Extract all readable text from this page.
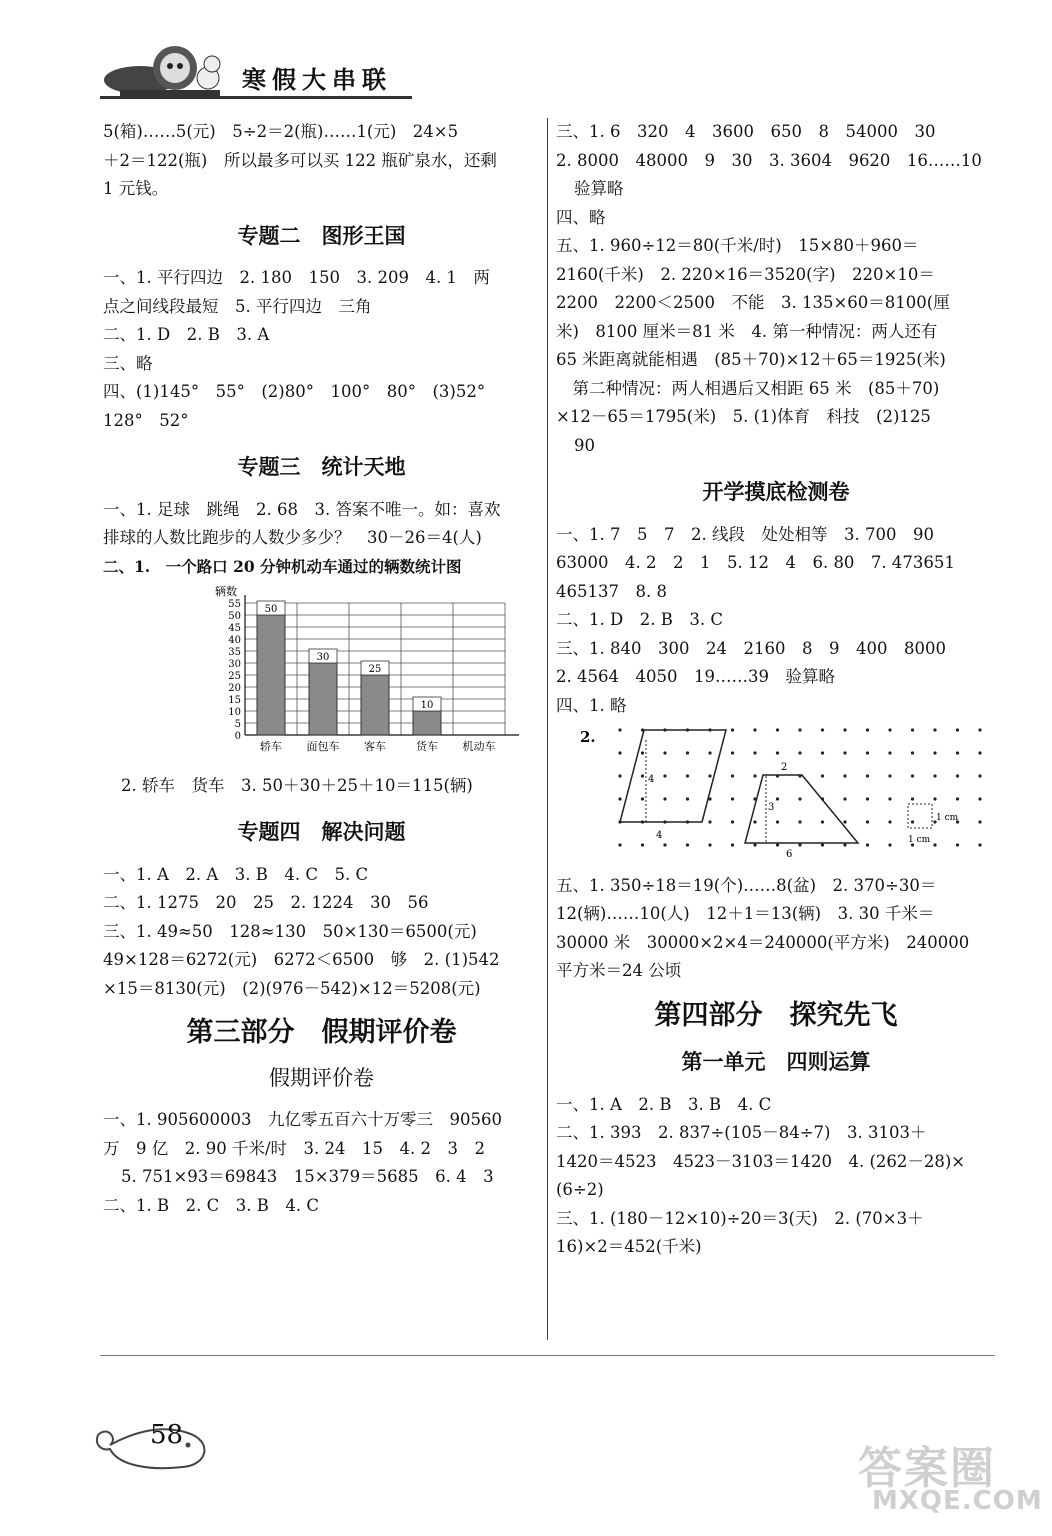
寒假大串联

5(箱)……5(元)　5÷2＝2(瓶)……1(元)　24×5

＋2＝122(瓶)　所以最多可以买 122 瓶矿泉水，还剩

1 元钱。

专题二　图形王国

一、1. 平行四边　2. 180　150　3. 209　4. 1　两

点之间线段最短　5. 平行四边　三角

二、1. D　2. B　3. A

三、略

四、(1)145°　55°　(2)80°　100°　80°　(3)52°

128°　52°

专题三　统计天地

一、1. 足球　跳绳　2. 68　3. 答案不唯一。如：喜欢

排球的人数比跑步的人数少多少？　30－26＝4(人)

二、1.　一个路口 20 分钟机动车通过的辆数统计图

0
5
10
15
20
25
30
35
40
45
50
55
辆数
50
轿车
30
面包车
25
客车
10
货车 机动车

2. 轿车　货车　3. 50＋30＋25＋10＝115(辆)

专题四　解决问题

一、1. A　2. A　3. B　4. C　5. C

二、1. 1275　20　25　2. 1224　30　56

三、1. 49≈50　128≈130　50×130＝6500(元)

49×128＝6272(元)　6272＜6500　够　2. (1)542

×15＝8130(元)　(2)(976－542)×12＝5208(元)

第三部分　假期评价卷
假期评价卷

一、1. 905600003　九亿零五百六十万零三　90560

万　9 亿　2. 90 千米/时　3. 24　15　4. 2　3　2

5. 751×93＝69843　15×379＝5685　6. 4　3

二、1. B　2. C　3. B　4. C

三、1. 6　320　4　3600　650　8　54000　30

2. 8000　48000　9　30　3. 3604　9620　16……10

验算略

四、略

五、1. 960÷12＝80(千米/时)　15×80＋960＝

2160(千米)　2. 220×16＝3520(字)　220×10＝

2200　2200＜2500　不能　3. 135×60＝8100(厘

米)　8100 厘米＝81 米　4. 第一种情况：两人还有

65 米距离就能相遇　(85＋70)×12＋65＝1925(米)

　第二种情况：两人相遇后又相距 65 米　(85＋70)

×12－65＝1795(米)　5. (1)体育　科技　(2)125

90

开学摸底检测卷

一、1. 7　5　7　2. 线段　处处相等　3. 700　90

63000　4. 2　2　1　5. 12　4　6. 80　7. 473651

465137　8. 8

二、1. D　2. B　3. C

三、1. 840　300　24　2160　8　9　400　8000

2. 4564　4050　19……39　验算略

四、1. 略

2.
4
4
2
3
6
1 cm
1 cm

五、1. 350÷18＝19(个)……8(盆)　2. 370÷30＝

12(辆)……10(人)　12＋1＝13(辆)　3. 30 千米＝

30000 米　30000×2×4＝240000(平方米)　240000

平方米＝24 公顷

第四部分　探究先飞
第一单元　四则运算

一、1. A　2. B　3. B　4. C

二、1. 393　2. 837÷(105－84÷7)　3. 3103＋

1420＝4523　4523－3103＝1420　4. (262－28)×

(6÷2)

三、1. (180－12×10)÷20＝3(天)　2. (70×3＋

16)×2＝452(千米)

58
答案圈
MXQE.COM
